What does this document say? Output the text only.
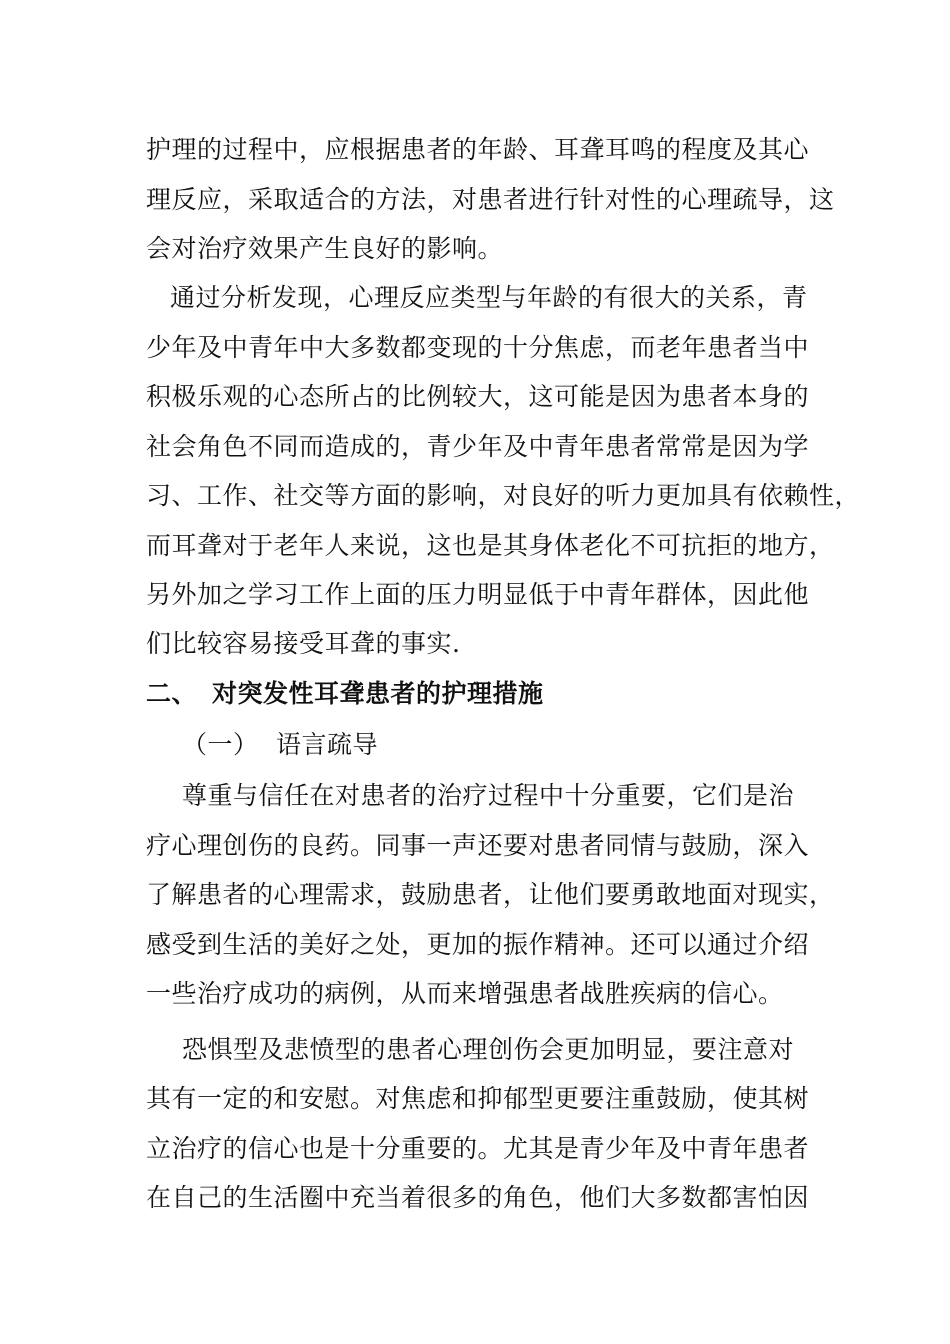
护理的过程中，应根据患者的年龄、耳聋耳鸣的程度及其心
理反应，采取适合的方法，对患者进行针对性的心理疏导，这
会对治疗效果产生良好的影响。
通过分析发现，心理反应类型与年龄的有很大的关系，青
少年及中青年中大多数都变现的十分焦虑，而老年患者当中
积极乐观的心态所占的比例较大，这可能是因为患者本身的
社会角色不同而造成的，青少年及中青年患者常常是因为学
习、工作、社交等方面的影响，对良好的听力更加具有依赖性，
而耳聋对于老年人来说，这也是其身体老化不可抗拒的地方，
另外加之学习工作上面的压力明显低于中青年群体，因此他
们比较容易接受耳聋的事实.
二、 对突发性耳聋患者的护理措施
（一） 语言疏导
尊重与信任在对患者的治疗过程中十分重要，它们是治
疗心理创伤的良药。同事一声还要对患者同情与鼓励，深入
了解患者的心理需求，鼓励患者，让他们要勇敢地面对现实，
感受到生活的美好之处，更加的振作精神。还可以通过介绍
一些治疗成功的病例，从而来增强患者战胜疾病的信心。
恐惧型及悲愤型的患者心理创伤会更加明显，要注意对
其有一定的和安慰。对焦虑和抑郁型更要注重鼓励，使其树
立治疗的信心也是十分重要的。尤其是青少年及中青年患者
在自己的生活圈中充当着很多的角色，他们大多数都害怕因
